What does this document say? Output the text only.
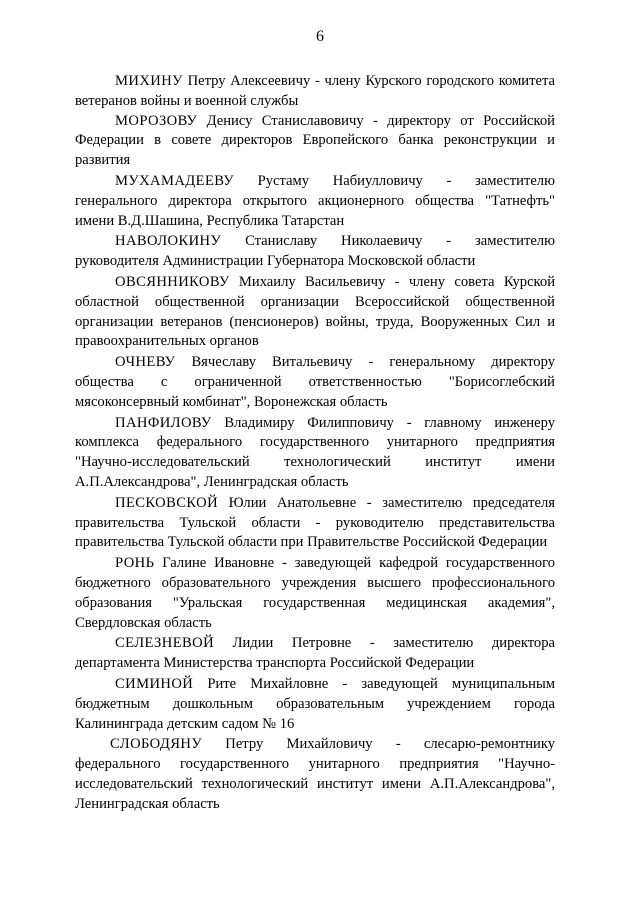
6

МИХИНУ Петру Алексеевичу - члену Курского городского комитета ветеранов войны и военной службы

МОРОЗОВУ Денису Станиславовичу - директору от Российской Федерации в совете директоров Европейского банка реконструкции и развития

МУХАМАДЕЕВУ Рустаму Набиулловичу - заместителю генерального директора открытого акционерного общества "Татнефть" имени В.Д.Шашина, Республика Татарстан

НАВОЛОКИНУ Станиславу Николаевичу - заместителю руководителя Администрации Губернатора Московской области

ОВСЯННИКОВУ Михаилу Васильевичу - члену совета Курской областной общественной организации Всероссийской общественной организации ветеранов (пенсионеров) войны, труда, Вооруженных Сил и правоохранительных органов

ОЧНЕВУ Вячеславу Витальевичу - генеральному директору общества с ограниченной ответственностью "Борисоглебский мясоконсервный комбинат", Воронежская область

ПАНФИЛОВУ Владимиру Филипповичу - главному инженеру комплекса федерального государственного унитарного предприятия "Научно-исследовательский технологический институт имени А.П.Александрова", Ленинградская область

ПЕСКОВСКОЙ Юлии Анатольевне - заместителю председателя правительства Тульской области - руководителю представительства правительства Тульской области при Правительстве Российской Федерации

РОНЬ Галине Ивановне - заведующей кафедрой государственного бюджетного образовательного учреждения высшего профессионального образования "Уральская государственная медицинская академия", Свердловская область

СЕЛЕЗНЕВОЙ Лидии Петровне - заместителю директора департамента Министерства транспорта Российской Федерации

СИМИНОЙ Рите Михайловне - заведующей муниципальным бюджетным дошкольным образовательным учреждением города Калининграда детским садом № 16

СЛОБОДЯНУ Петру Михайловичу - слесарю-ремонтнику федерального государственного унитарного предприятия "Научно-исследовательский технологический институт имени А.П.Александрова", Ленинградская область
